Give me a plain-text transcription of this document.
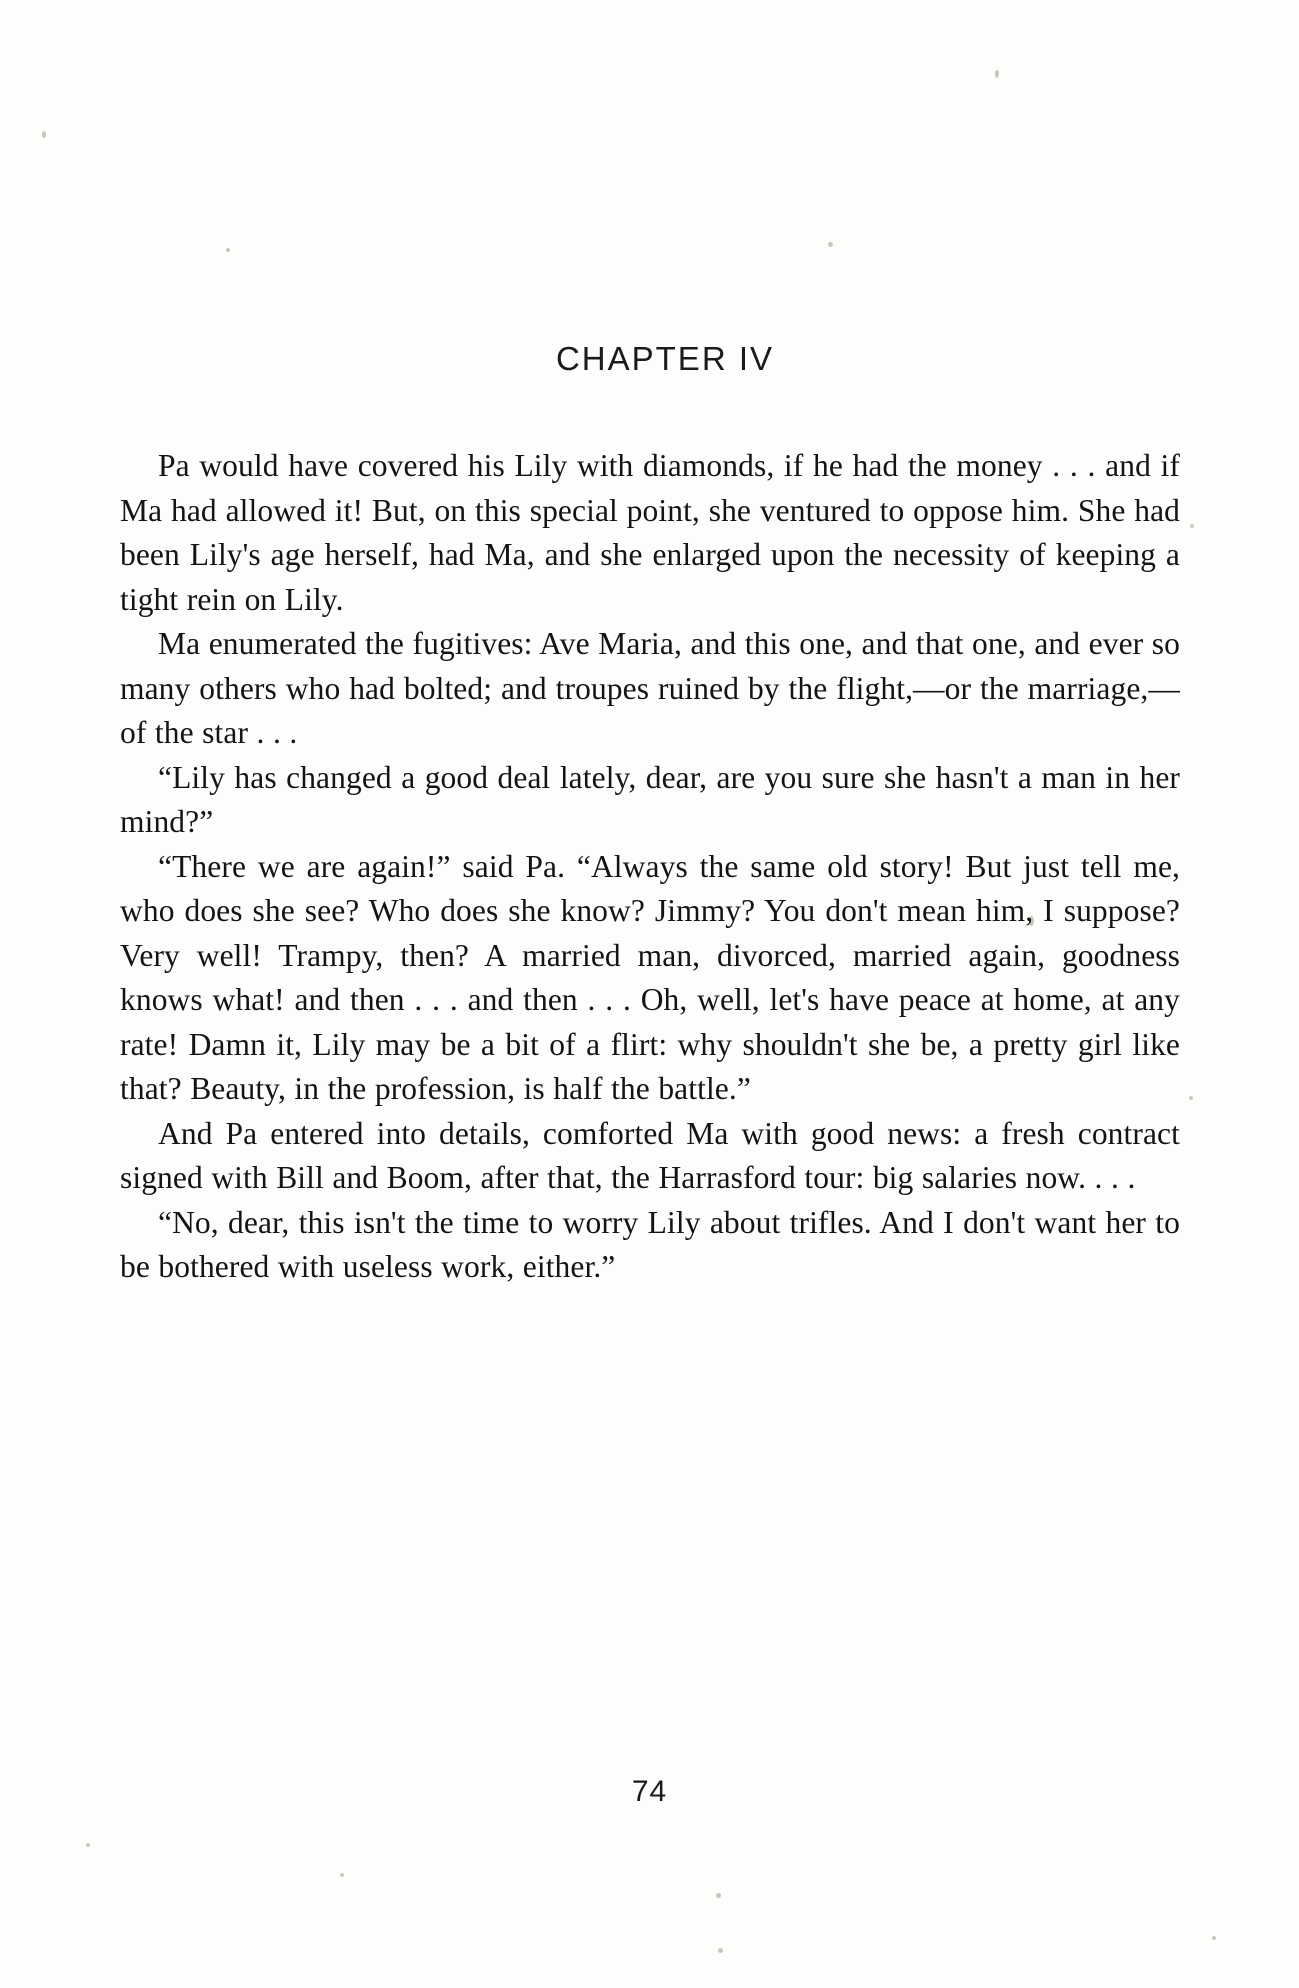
CHAPTER IV

Pa would have covered his Lily with diamonds, if he had the money . . . and if Ma had allowed it! But, on this special point, she ventured to oppose him. She had been Lily's age herself, had Ma, and she enlarged upon the necessity of keeping a tight rein on Lily.

Ma enumerated the fugitives: Ave Maria, and this one, and that one, and ever so many others who had bolted; and troupes ruined by the flight,—or the marriage,—of the star . . .

“Lily has changed a good deal lately, dear, are you sure she hasn't a man in her mind?”

“There we are again!” said Pa. “Always the same old story! But just tell me, who does she see? Who does she know? Jimmy? You don't mean him, I suppose? Very well! Trampy, then? A married man, divorced, married again, goodness knows what! and then . . . and then . . . Oh, well, let's have peace at home, at any rate! Damn it, Lily may be a bit of a flirt: why shouldn't she be, a pretty girl like that? Beauty, in the profession, is half the battle.”

And Pa entered into details, comforted Ma with good news: a fresh contract signed with Bill and Boom, after that, the Harrasford tour: big salaries now. . . .

“No, dear, this isn't the time to worry Lily about trifles. And I don't want her to be bothered with useless work, either.”

74
